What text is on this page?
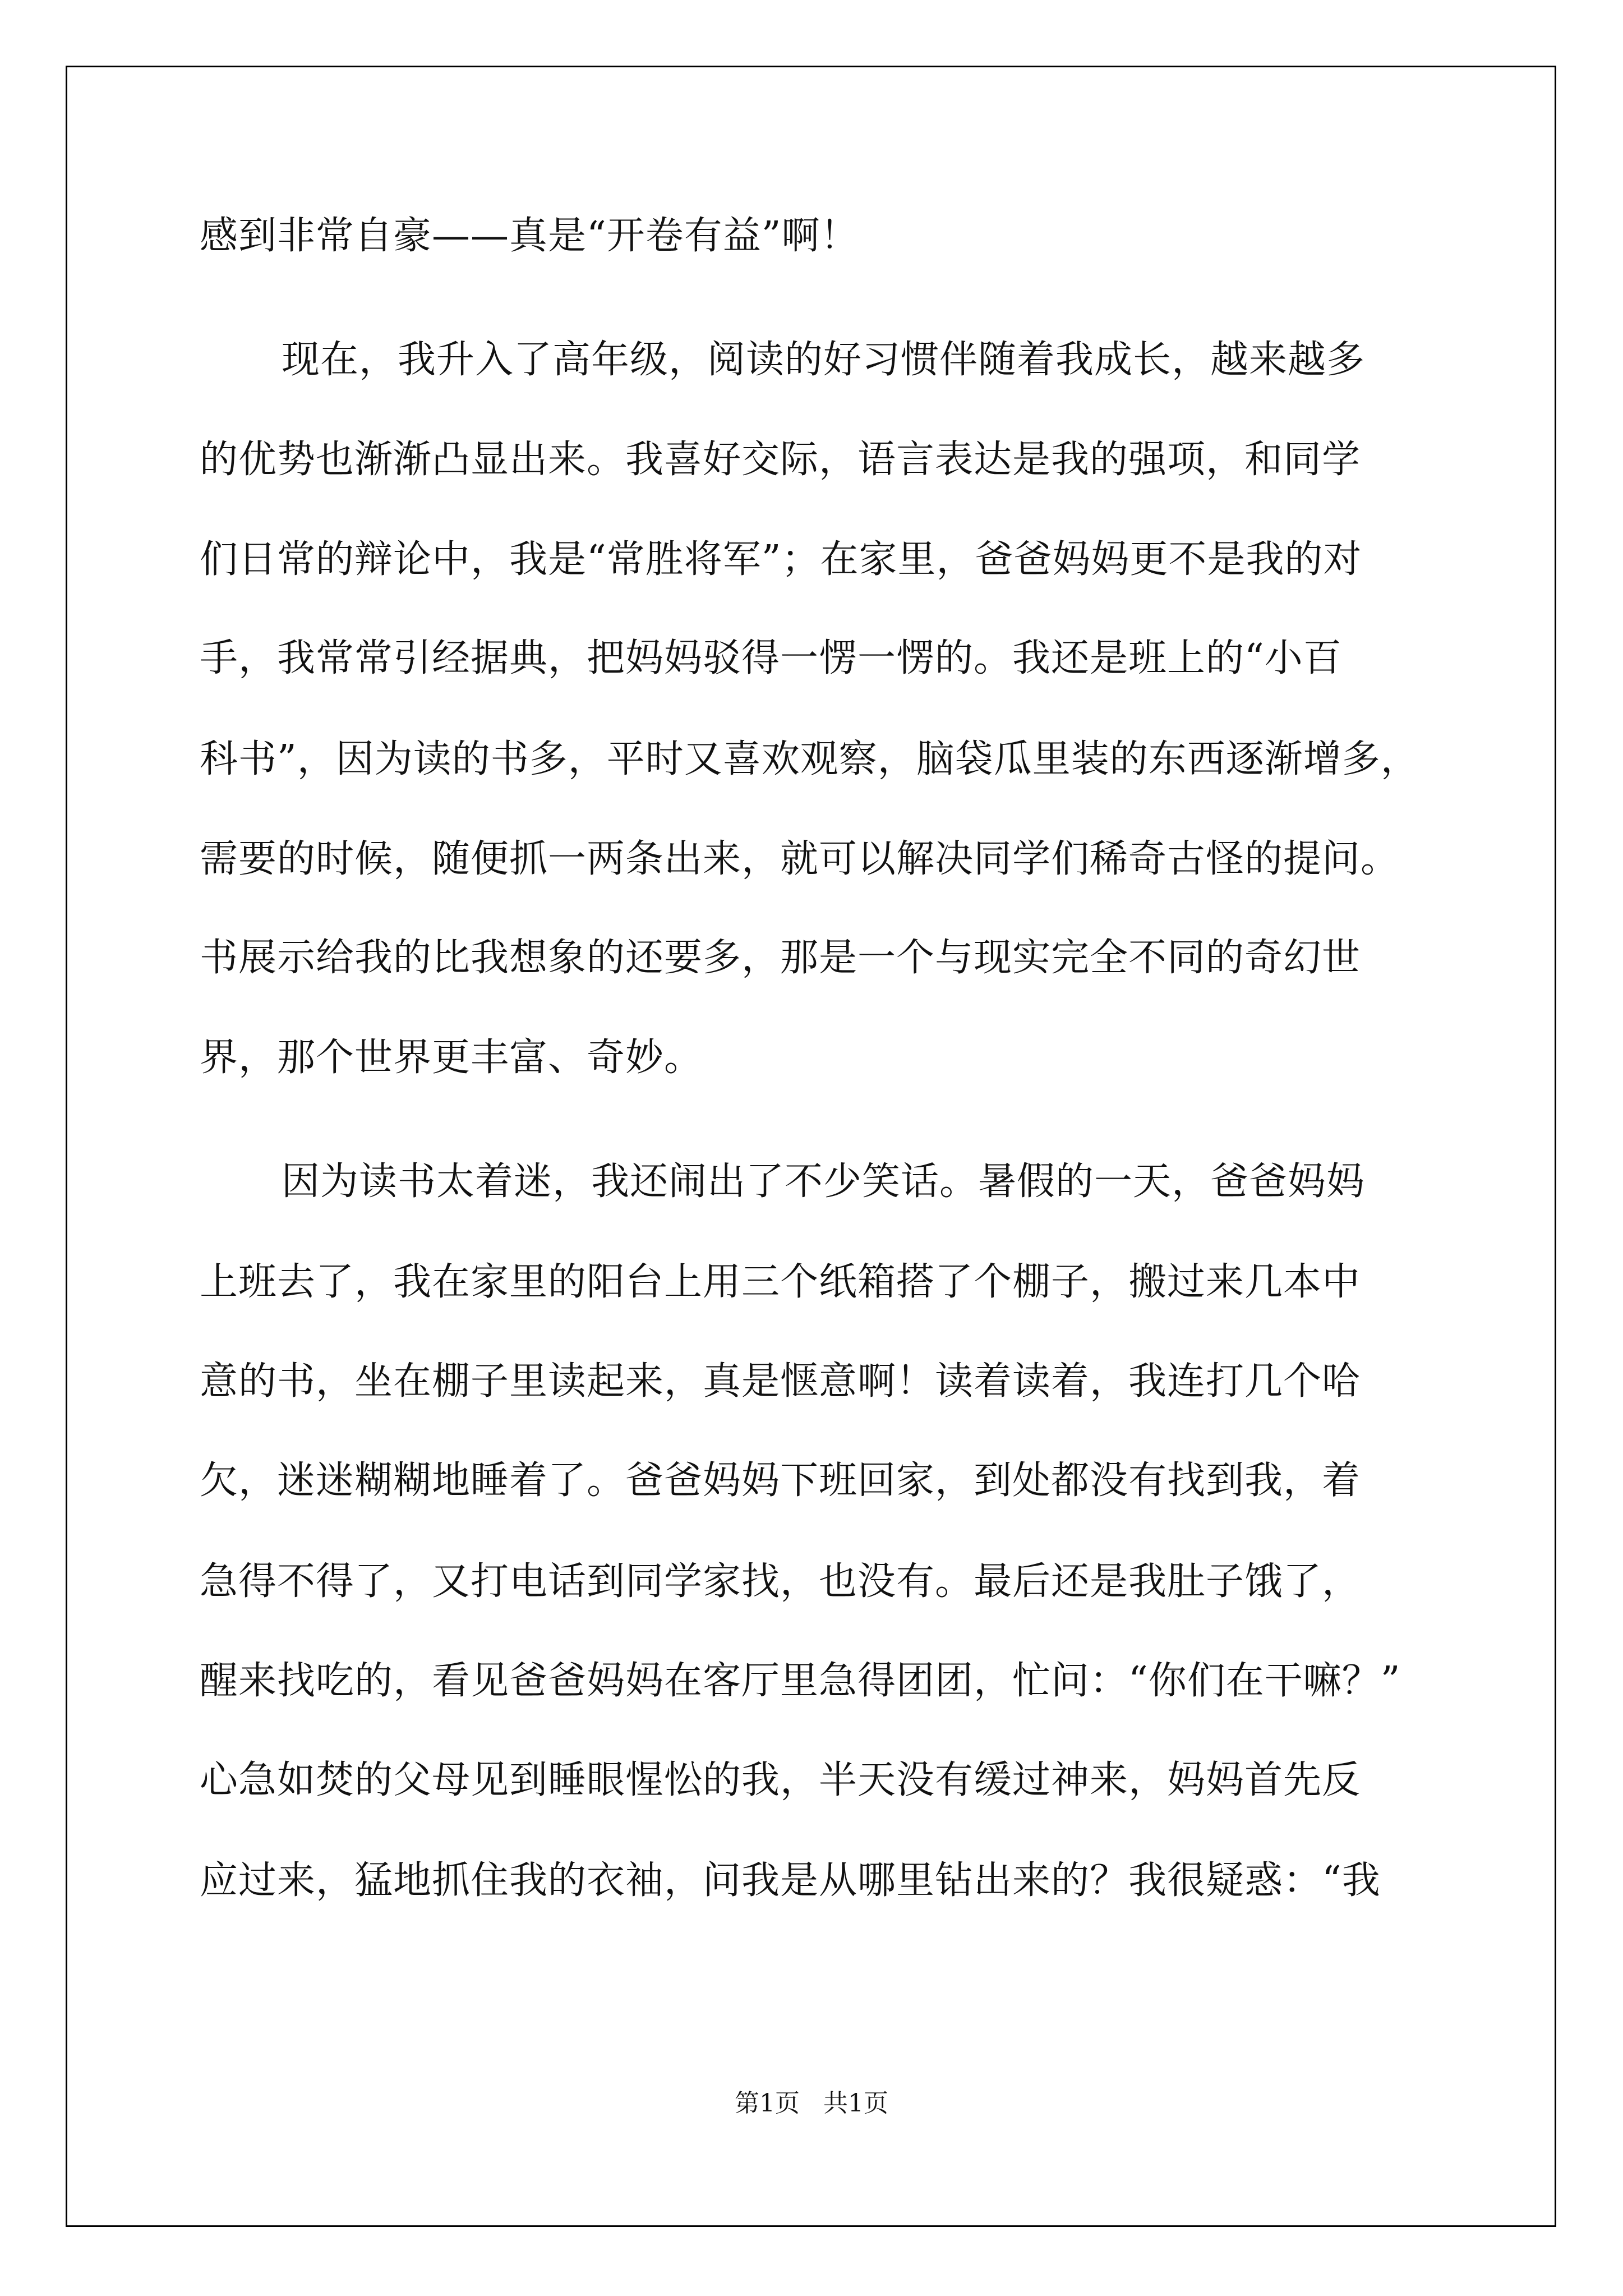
感到非常自豪——真是“开卷有益”啊！
现在，我升入了高年级，阅读的好习惯伴随着我成长，越来越多
的优势也渐渐凸显出来。我喜好交际，语言表达是我的强项，和同学
们日常的辩论中，我是“常胜将军”；在家里，爸爸妈妈更不是我的对
手，我常常引经据典，把妈妈驳得一愣一愣的。我还是班上的“小百
科书”，因为读的书多，平时又喜欢观察，脑袋瓜里装的东西逐渐增多，
需要的时候，随便抓一两条出来，就可以解决同学们稀奇古怪的提问。
书展示给我的比我想象的还要多，那是一个与现实完全不同的奇幻世
界，那个世界更丰富、奇妙。
因为读书太着迷，我还闹出了不少笑话。暑假的一天，爸爸妈妈
上班去了，我在家里的阳台上用三个纸箱搭了个棚子，搬过来几本中
意的书，坐在棚子里读起来，真是惬意啊！读着读着，我连打几个哈
欠，迷迷糊糊地睡着了。爸爸妈妈下班回家，到处都没有找到我，着
急得不得了，又打电话到同学家找，也没有。最后还是我肚子饿了，
醒来找吃的，看见爸爸妈妈在客厅里急得团团，忙问：“你们在干嘛？”
心急如焚的父母见到睡眼惺忪的我，半天没有缓过神来，妈妈首先反
应过来，猛地抓住我的衣袖，问我是从哪里钻出来的？我很疑惑：“我
第1页   共1页
